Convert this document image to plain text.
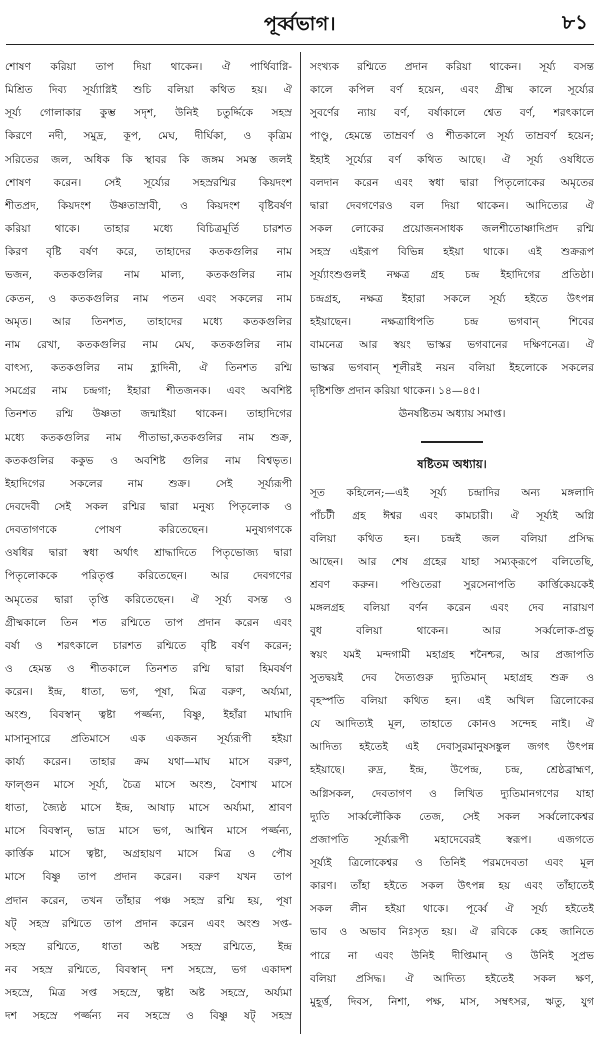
পূর্ব্বভাগ।	৮১
শোষণ করিয়া তাপ দিয়া থাকেন। ঐ পার্থিবাগ্নি-
মিশ্রিত দিব্য সূর্য্যাগ্নিই শুচি বলিয়া কথিত হয়। ঐ
সূর্য্য গোলাকার কুম্ভ সদৃশ, উনিই চতুর্দ্দিকে সহস্র
কিরণে নদী, সমুদ্র, কূপ, মেঘ, দীর্ঘিকা, ও কৃত্রিম
সরিতের জল, অধিক কি স্থাবর কি জঙ্গম সমস্ত জলই
শোষণ করেন। সেই সূর্য্যের সহস্ররশ্মির কিয়দংশ
শীতপ্রদ, কিয়দংশ উষ্ণতাস্রাবী, ও কিয়দংশ বৃষ্টিবর্ষণ
করিয়া থাকে। তাহার মধ্যে বিচিত্রমূর্তি চারশত
কিরণ বৃষ্টি বর্ষণ করে, তাহাদের কতকগুলির নাম
ভজন, কতকগুলির নাম মাল্য, কতকগুলির নাম
কেতন, ও কতকগুলির নাম পতন এবং সকলের নাম
অমৃত। আর তিনশত, তাহাদের মধ্যে কতকগুলির
নাম রেখা, কতকগুলির নাম মেঘ, কতকগুলির নাম
বাৎস্য, কতকগুলির নাম হ্লাদিনী, ঐ তিনশত রশ্মি
সমগ্রের নাম চন্দ্রগা; ইহারা শীতজনক। এবং অবশিষ্ট
তিনশত রশ্মি উষ্ণতা জন্মাইয়া থাকেন। তাহাদিগের
মধ্যে কতকগুলির নাম পীতাভা,কতকগুলির নাম শুক্র,
কতকগুলির ককুভ ও অবশিষ্ট গুলির নাম বিশ্বভৃত।
ইহাদিগের সকলের নাম শুক্র। সেই সূর্য্যরূপী
দেবদেবী সেই সকল রশ্মির দ্বারা মনুষ্য পিতৃলোক ও
দেবতাগণকে পোষণ করিতেছেন। মনুষ্যগণকে
ওষধির দ্বারা স্বধা অর্থাৎ শ্রাদ্ধাদিতে পিতৃভোজ্য দ্বারা
পিতৃলোককে পরিতৃপ্ত করিতেছেন। আর দেবগণের
অমৃতের দ্বারা তৃপ্তি করিতেছেন। ঐ সূর্য্য বসন্ত ও
গ্রীষ্মকালে তিন শত রশ্মিতে তাপ প্রদান করেন এবং
বর্ষা ও শরৎকালে চারশত রশ্মিতে বৃষ্টি বর্ষণ করেন;
ও হেমন্ত ও শীতকালে তিনশত রশ্মি দ্বারা হিমবর্ষণ
করেন। ইন্দ্র, ধাতা, ভগ, পূষা, মিত্র বরুণ, অর্য্যমা,
অংশু, বিবস্বান্ ত্বষ্টা পর্জ্জন্য, বিষ্ণু, ইহাঁরা মাঘাদি
মাসানুসারে প্রতিমাসে এক একজন সূর্য্যরূপী হইয়া
কার্য্য করেন। তাহার ক্রম যথা—মাঘ মাসে বরুণ,
ফাল্গুন মাসে সূর্য্য, চৈত্র মাসে অংশু, বৈশাখ মাসে
ধাতা, জ্যৈষ্ঠ মাসে ইন্দ্র, আষাঢ় মাসে অর্য্যমা, শ্রাবণ
মাসে বিবস্বান্, ভাদ্র মাসে ভগ, আশ্বিন মাসে পর্জ্জন্য,
কার্ত্তিক মাসে ত্বষ্টা, অগ্রহায়ণ মাসে মিত্র ও পৌষ
মাসে বিষ্ণু তাপ প্রদান করেন। বরুণ যখন তাপ
প্রদান করেন, তখন তাঁহার পঞ্চ সহস্র রশ্মি হয়, পূষা
ষট্ সহস্র রশ্মিতে তাপ প্রদান করেন এবং অংশু সপ্ত-
সহস্র রশ্মিতে, ধাতা অষ্ট সহস্র রশ্মিতে, ইন্দ্র
নব সহস্র রশ্মিতে, বিবস্বান্ দশ সহস্রে, ভগ একাদশ
সহস্রে, মিত্র সপ্ত সহস্রে, ত্বষ্টা অষ্ট সহস্রে, অর্য্যমা
দশ সহস্রে পর্জ্জন্য নব সহস্রে ও বিষ্ণু ষট্ সহস্র
সংখ্যক রশ্মিতে প্রদান করিয়া থাকেন। সূর্য্য বসন্ত
কালে কপিল বর্ণ হয়েন, এবং গ্রীষ্ম কালে সূর্য্যের
সুবর্ণের ন্যায় বর্ণ, বর্ষাকালে শ্বেত বর্ণ, শরৎকালে
পাণ্ডু, হেমন্তে তাম্রবর্ণ ও শীতকালে সূর্য্য তাম্রবর্ণ হয়েন;
ইহাই সূর্য্যের বর্ণ কথিত আছে। ঐ সূর্য্য ওষধিতে
বলদান করেন এবং স্বধা দ্বারা পিতৃলোকের অমৃতের
দ্বারা দেবগণেরও বল দিয়া থাকেন। আদিত্যের ঐ
সকল লোকের প্রয়োজনসাধক জলশীতোষ্ণাদিপ্রদ রশ্মি
সহস্র এইরূপ বিভিন্ন হইয়া থাকে। এই শুক্ররূপ
সূর্য্যাংশুগুলই নক্ষত্র গ্রহ চন্দ্র ইহাদিগের প্রতিষ্ঠা।
চন্দ্রগ্রহ, নক্ষত্র ইহারা সকলে সূর্য্য হইতে উৎপন্ন
হইয়াছেন। নক্ষত্রাধিপতি চন্দ্র ভগবান্ শিবের
বামনেত্র আর স্বয়ং ভাস্কর ভগবানের দক্ষিণনেত্র। ঐ
ভাস্কর ভগবান্ শূলীরই নয়ন বলিয়া ইহলোকে সকলের
দৃষ্টিশক্তি প্রদান করিয়া থাকেন। ১৪—৪৫।
ঊনষষ্টিতম অধ্যায় সমাপ্ত।
ষষ্টিতম অধ্যায়।
সূত কহিলেন;—এই সূর্য্য চন্দ্রাদির অন্য মঙ্গলাদি
পাঁচটী গ্রহ ঈশ্বর এবং কামচারী। ঐ সূর্য্যই অগ্নি
বলিয়া কথিত হন। চন্দ্রই জল বলিয়া প্রসিদ্ধ
আছেন। আর শেষ গ্রহের যাহা সম্যক্‌রূপে বলিতেছি,
শ্রবণ করুন। পণ্ডিতেরা সুরসেনাপতি কার্ত্তিকেয়কেই
মঙ্গলগ্রহ বলিয়া বর্ণন করেন এবং দেব নারায়ণ
বুধ বলিয়া থাকেন। আর সর্ব্বলোক-প্রভু
স্বয়ং যমই মন্দগামী মহাগ্রহ শনৈশ্চর, আর প্রজাপতি
সুতদ্বয়ই দেব দৈত্যগুরু দ্যুতিমান্ মহাগ্রহ শুক্র ও
বৃহস্পতি বলিয়া কথিত হন। এই অখিল ত্রিলোকের
যে আদিত্যই মূল, তাহাতে কোনও সন্দেহ নাই। ঐ
আদিত্য হইতেই এই দেবাসুরমানুষসঙ্কুল জগৎ উৎপন্ন
হইয়াছে। রুদ্র, ইন্দ্র, উপেন্দ্র, চন্দ্র, শ্রেষ্ঠব্রাহ্মণ,
অগ্নিসকল, দেবতাগণ ও লিখিত দ্যুতিমানগণের যাহা
দ্যুতি সার্ব্বলৌকিক তেজ, সেই সকল সর্ব্বলোকেশ্বর
প্রজাপতি সূর্য্যরূপী মহাদেবেরই স্বরূপ। এজগতে
সূর্য্যই ত্রিলোকেশ্বর ও তিনিই পরমদেবতা এবং মূল
কারণ। তাঁহা হইতে সকল উৎপন্ন হয় এবং তাঁহাতেই
সকল লীন হইয়া থাকে। পূর্ব্বে ঐ সূর্য্য হইতেই
ভাব ও অভাব নিঃসৃত হয়। ঐ রবিকে কেহ জানিতে
পারে না এবং উনিই দীপ্তিমান্ ও উনিই সুপ্রভ
বলিয়া প্রসিদ্ধ। ঐ আদিত্য হইতেই সকল ক্ষণ,
মুহূর্ত্ত, দিবস, নিশা, পক্ষ, মাস, সম্বৎসর, ঋতু, যুগ
